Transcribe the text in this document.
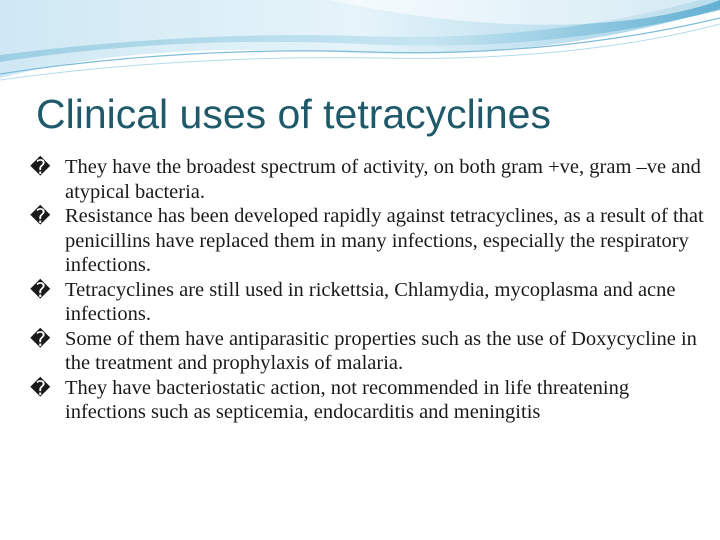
Clinical uses of tetracyclines
� They have the broadest spectrum of activity, on both gram +ve, gram –ve and atypical bacteria.
� Resistance has been developed rapidly against tetracyclines, as a result of that penicillins have replaced them in many infections, especially the respiratory infections.
� Tetracyclines are still used in rickettsia, Chlamydia, mycoplasma and acne infections.
� Some of them have antiparasitic properties such as the use of Doxycycline in the treatment and prophylaxis of malaria.
� They have bacteriostatic action, not recommended in life threatening infections such as septicemia, endocarditis and meningitis
